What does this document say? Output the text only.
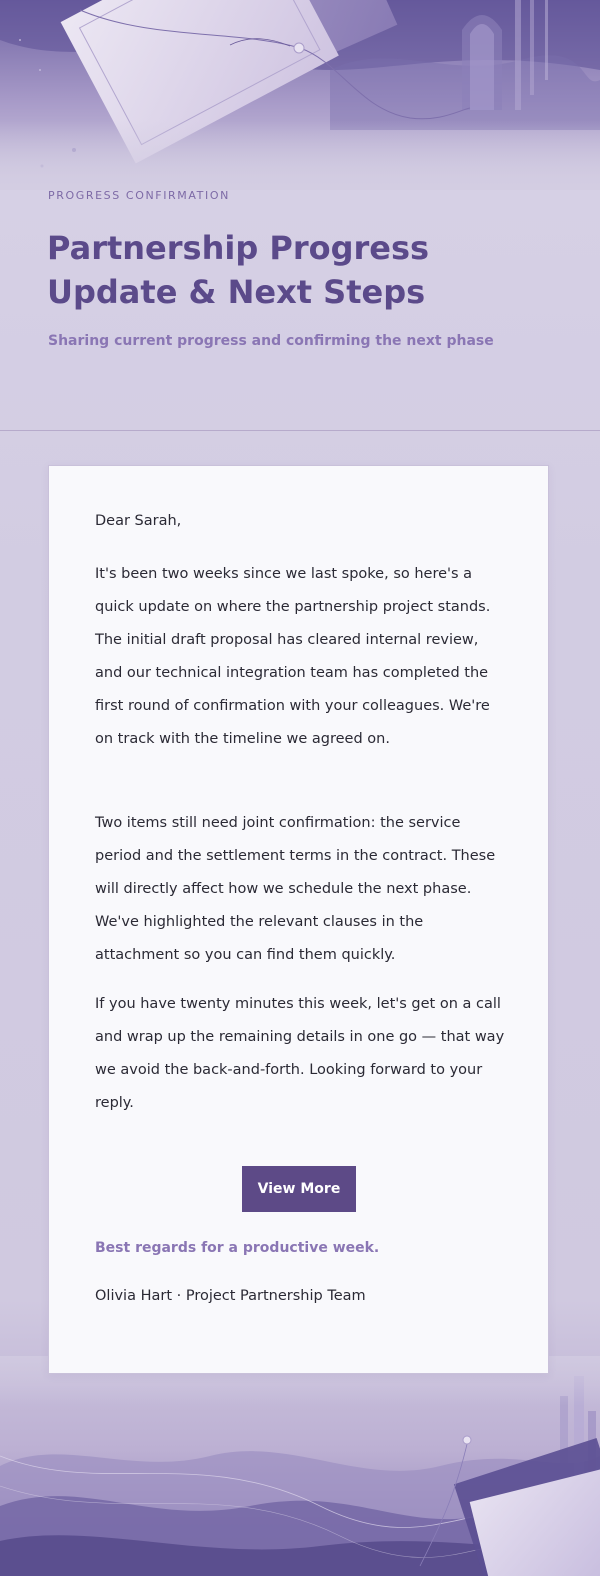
PROGRESS CONFIRMATION
Partnership Progress Update & Next Steps
Sharing current progress and confirming the next phase
Dear Sarah,

It's been two weeks since we last spoke, so here's a quick update on where the partnership project stands. The initial draft proposal has cleared internal review, and our technical integration team has completed the first round of confirmation with your colleagues. We're on track with the timeline we agreed on.

Two items still need joint confirmation: the service period and the settlement terms in the contract. These will directly affect how we schedule the next phase. We've highlighted the relevant clauses in the attachment so you can find them quickly.

If you have twenty minutes this week, let's get on a call and wrap up the remaining details in one go — that way we avoid the back-and-forth. Looking forward to your reply.

View More
Best regards for a productive week.
Olivia Hart · Project Partnership Team
